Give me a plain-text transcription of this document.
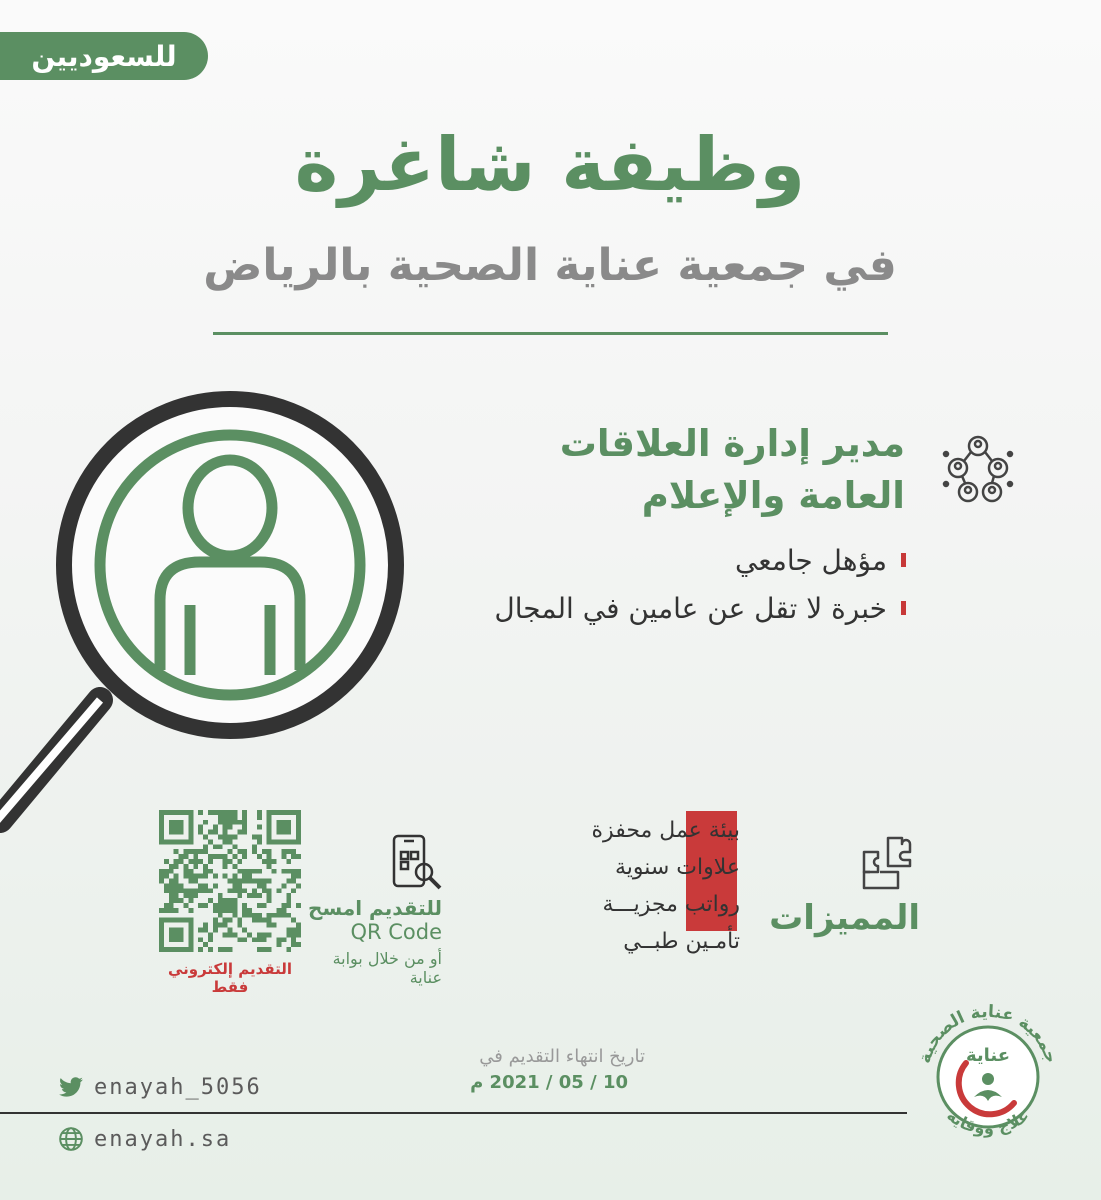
للسعوديين
وظيفة شاغرة
في جمعية عناية الصحية بالرياض
مدير إدارة العلاقات
العامة والإعلام
مؤهل جامعي
خبرة لا تقل عن عامين في المجال
المميزات
بيئة عمل محفزة
علاوات سنوية
رواتب مجزيـــة
تأمـين طبــي
للتقديم امسح
QR Code
أو من خلال بوابة عناية
التقديم إلكتروني فقط
تاريخ انتهاء التقديم في
10 / 05 / 2021 م
enayah_5056
enayah.sa
جمعية عناية الصحية
عناية
علاج ووقاية
